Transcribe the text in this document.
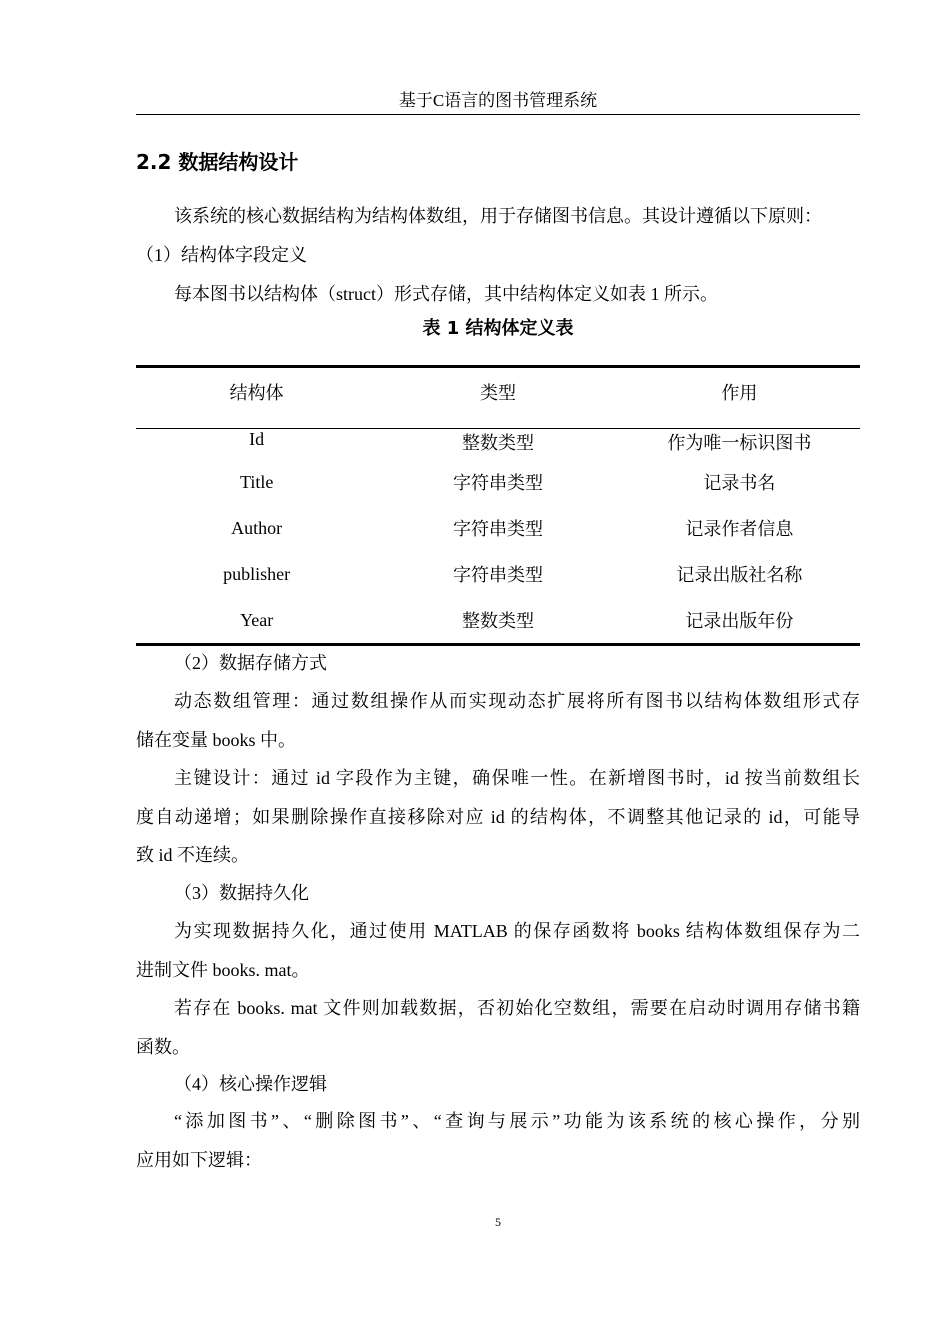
基于C语言的图书管理系统
2.2 数据结构设计
该系统的核心数据结构为结构体数组，用于存储图书信息。其设计遵循以下原则：
（1）结构体字段定义
每本图书以结构体（struct）形式存储，其中结构体定义如表 1 所示。
表 1 结构体定义表
结构体	类型	作用
Id	整数类型	作为唯一标识图书
Title	字符串类型	记录书名
Author	字符串类型	记录作者信息
publisher	字符串类型	记录出版社名称
Year	整数类型	记录出版年份
（2）数据存储方式
动态数组管理：通过数组操作从而实现动态扩展将所有图书以结构体数组形式存
储在变量 books 中。
主键设计：通过 id 字段作为主键，确保唯一性。在新增图书时，id 按当前数组长
度自动递增；如果删除操作直接移除对应 id 的结构体，不调整其他记录的 id，可能导
致 id 不连续。
（3）数据持久化
为实现数据持久化，通过使用 MATLAB 的保存函数将 books 结构体数组保存为二
进制文件 books. mat。
若存在 books. mat 文件则加载数据，否初始化空数组，需要在启动时调用存储书籍
函数。
（4）核心操作逻辑
“添加图书”、“删除图书”、“查询与展示”功能为该系统的核心操作，分别
应用如下逻辑：
5
